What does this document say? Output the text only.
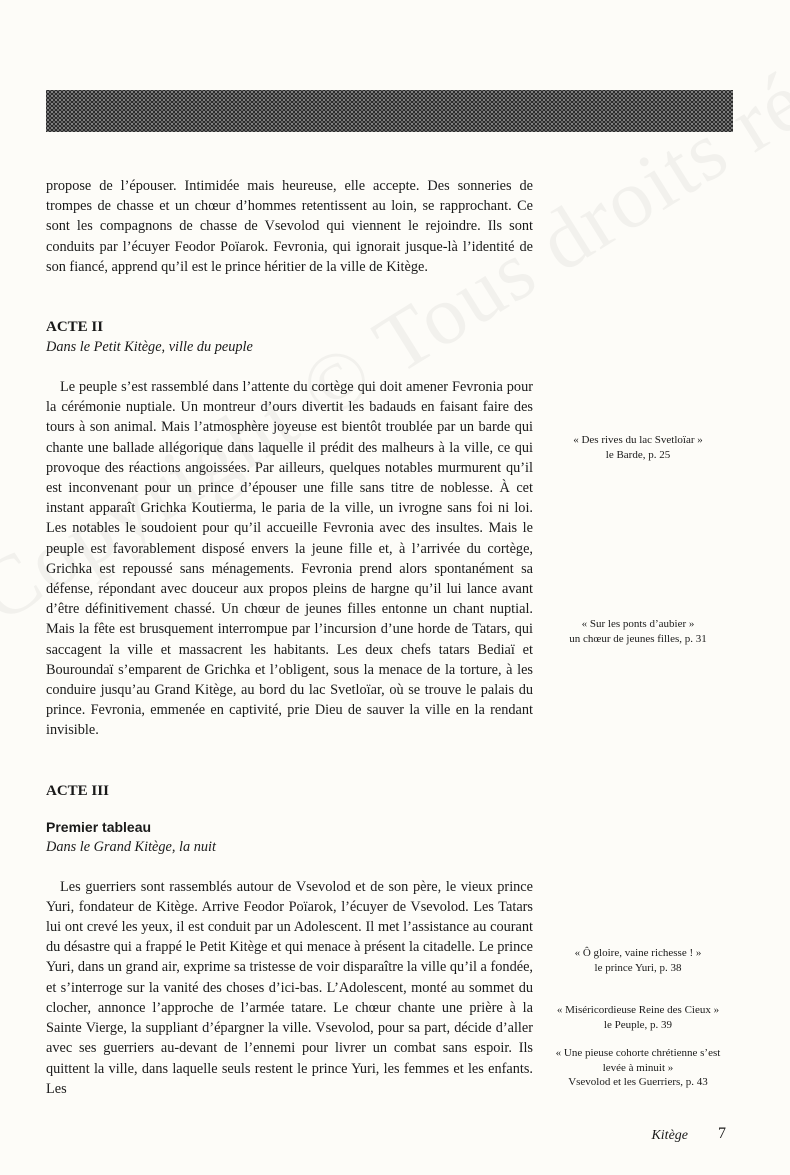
propose de l’épouser. Intimidée mais heureuse, elle accepte. Des sonneries de trompes de chasse et un chœur d’hommes retentissent au loin, se rapprochant. Ce sont les compagnons de chasse de Vsevolod qui viennent le rejoindre. Ils sont conduits par l’écuyer Feodor Poïarok. Fevronia, qui ignorait jusque-là l’identité de son fiancé, apprend qu’il est le prince héritier de la ville de Kitège.

ACTE II

Dans le Petit Kitège, ville du peuple

Le peuple s’est rassemblé dans l’attente du cortège qui doit amener Fevronia pour la cérémonie nuptiale. Un montreur d’ours divertit les badauds en faisant faire des tours à son animal. Mais l’atmosphère joyeuse est bientôt troublée par un barde qui chante une ballade allégorique dans laquelle il prédit des malheurs à la ville, ce qui provoque des réactions angoissées. Par ailleurs, quelques notables murmurent qu’il est inconvenant pour un prince d’épouser une fille sans titre de noblesse. À cet instant apparaît Grichka Koutierma, le paria de la ville, un ivrogne sans foi ni loi. Les notables le soudoient pour qu’il accueille Fevronia avec des insultes. Mais le peuple est favorablement disposé envers la jeune fille et, à l’arrivée du cortège, Grichka est repoussé sans ménagements. Fevronia prend alors spontanément sa défense, répondant avec douceur aux propos pleins de hargne qu’il lui lance avant d’être définitivement chassé. Un chœur de jeunes filles entonne un chant nuptial. Mais la fête est brusquement interrompue par l’incursion d’une horde de Tatars, qui saccagent la ville et massacrent les habitants. Les deux chefs tatars Bediaï et Bouroundaï s’emparent de Grichka et l’obligent, sous la menace de la torture, à les conduire jusqu’au Grand Kitège, au bord du lac Svetloïar, où se trouve le palais du prince. Fevronia, emmenée en captivité, prie Dieu de sauver la ville en la rendant invisible.

ACTE III

Premier tableau

Dans le Grand Kitège, la nuit

Les guerriers sont rassemblés autour de Vsevolod et de son père, le vieux prince Yuri, fondateur de Kitège. Arrive Feodor Poïarok, l’écuyer de Vsevolod. Les Tatars lui ont crevé les yeux, il est conduit par un Adolescent. Il met l’assistance au courant du désastre qui a frappé le Petit Kitège et qui menace à présent la citadelle. Le prince Yuri, dans un grand air, exprime sa tristesse de voir disparaître la ville qu’il a fondée, et s’interroge sur la vanité des choses d’ici-bas. L’Adolescent, monté au sommet du clocher, annonce l’approche de l’armée tatare. Le chœur chante une prière à la Sainte Vierge, la suppliant d’épargner la ville. Vsevolod, pour sa part, décide d’aller avec ses guerriers au-devant de l’ennemi pour livrer un combat sans espoir. Ils quittent la ville, dans laquelle seuls restent le prince Yuri, les femmes et les enfants. Les

« Des rives du lac Svetloïar »
le Barde, p. 25
« Sur les ponts d’aubier »
un chœur de jeunes filles, p. 31
« Ô gloire, vaine richesse ! »
le prince Yuri, p. 38
« Miséricordieuse Reine des Cieux »
le Peuple, p. 39
« Une pieuse cohorte chrétienne s’est levée à minuit »
Vsevolod et les Guerriers, p. 43
Kitège 7
